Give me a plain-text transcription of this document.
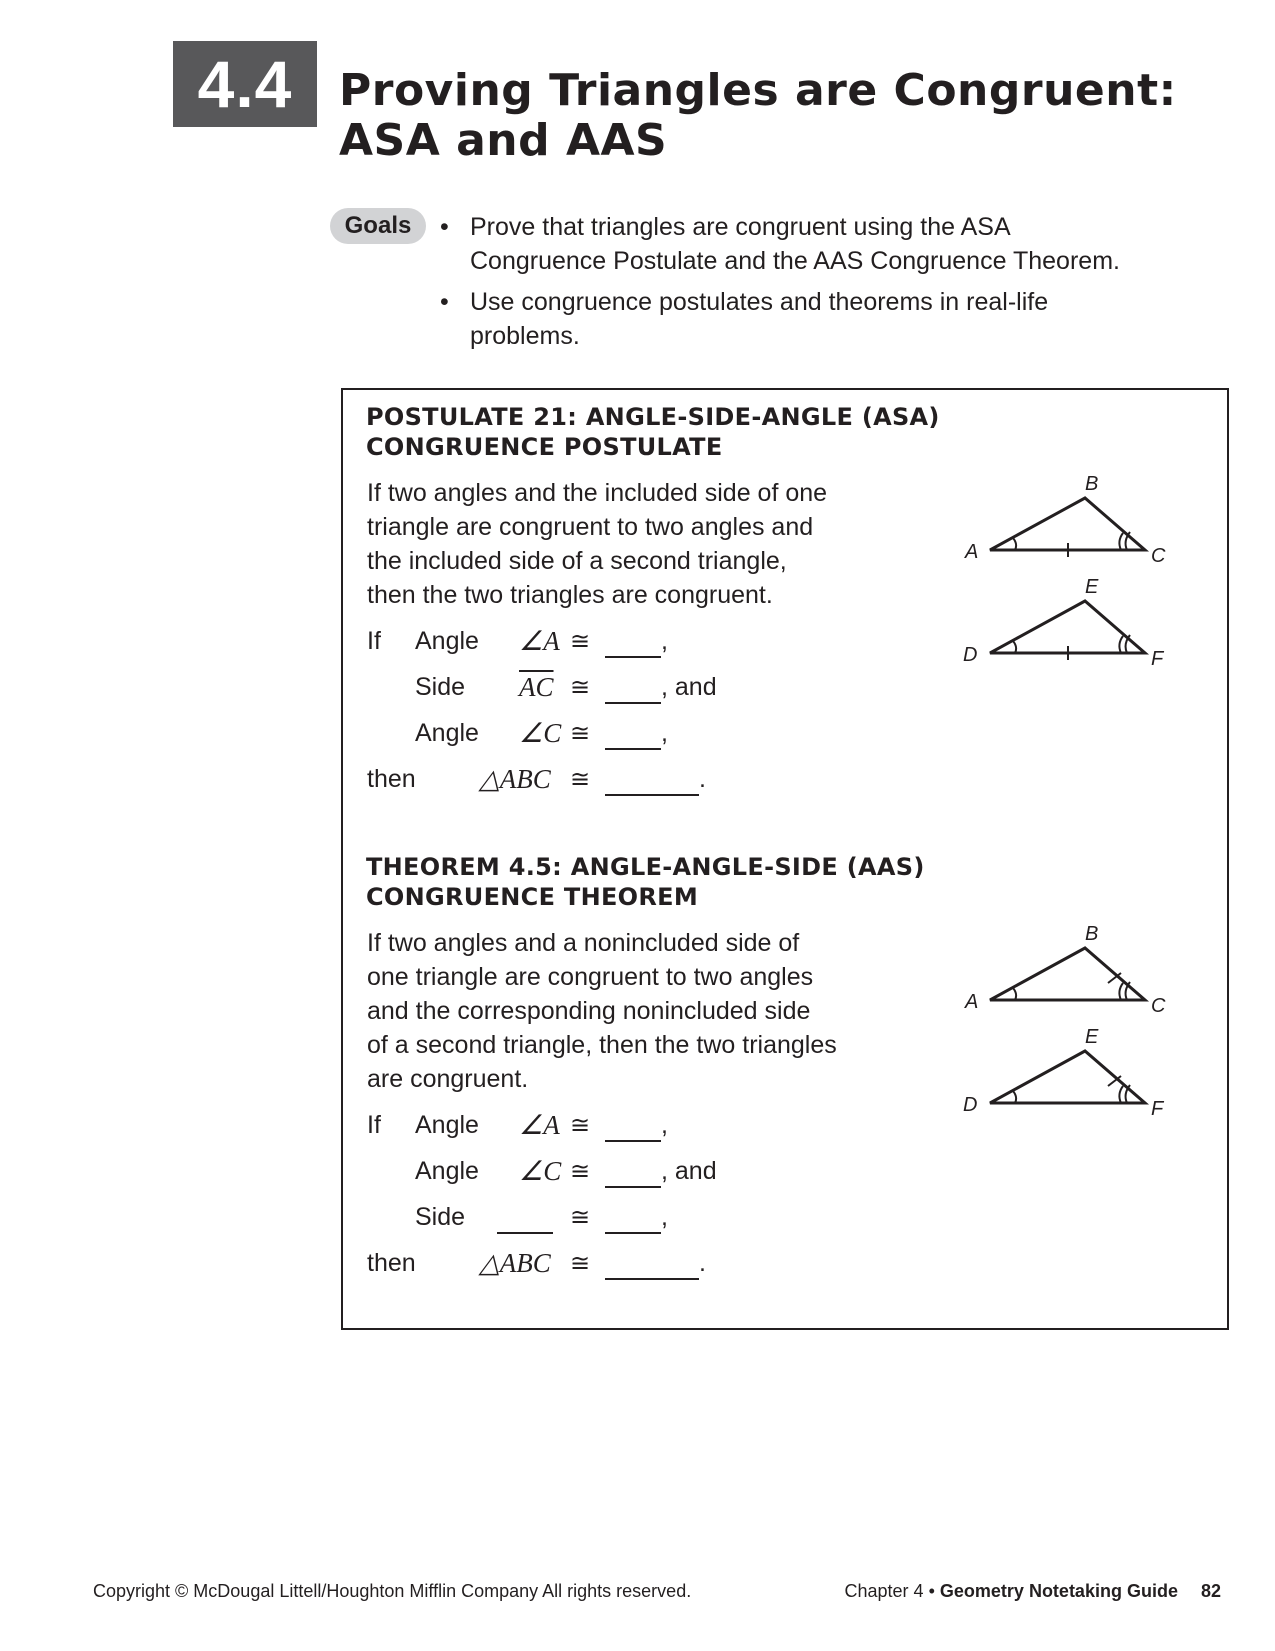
4.4	Proving Triangles are Congruent:
ASA and AAS
Goals	• Prove that triangles are congruent using the ASA
Congruence Postulate and the AAS Congruence Theorem.
• Use congruence postulates and theorems in real-life
problems.
POSTULATE 21: ANGLE-SIDE-ANGLE (ASA)
CONGRUENCE POSTULATE
If two angles and the included side of one
triangle are congruent to two angles and
the included side of a second triangle,
then the two triangles are congruent.
If Angle ∠A ≅	,
Side $\overline{AC}$ ≅	, and
Angle ∠C ≅	,
then △ABC ≅	.
B
A	C
E
D	F
THEOREM 4.5: ANGLE-ANGLE-SIDE (AAS)
CONGRUENCE THEOREM
If two angles and a nonincluded side of
one triangle are congruent to two angles
and the corresponding nonincluded side
of a second triangle, then the two triangles
are congruent.
If Angle ∠A ≅	,
Angle ∠C ≅	, and
Side	≅	,
then △ABC ≅	.
B
A	C
E
D	F
Copyright © McDougal Littell/Houghton Mifflin Company All rights reserved.	Chapter 4 • Geometry Notetaking Guide 82
